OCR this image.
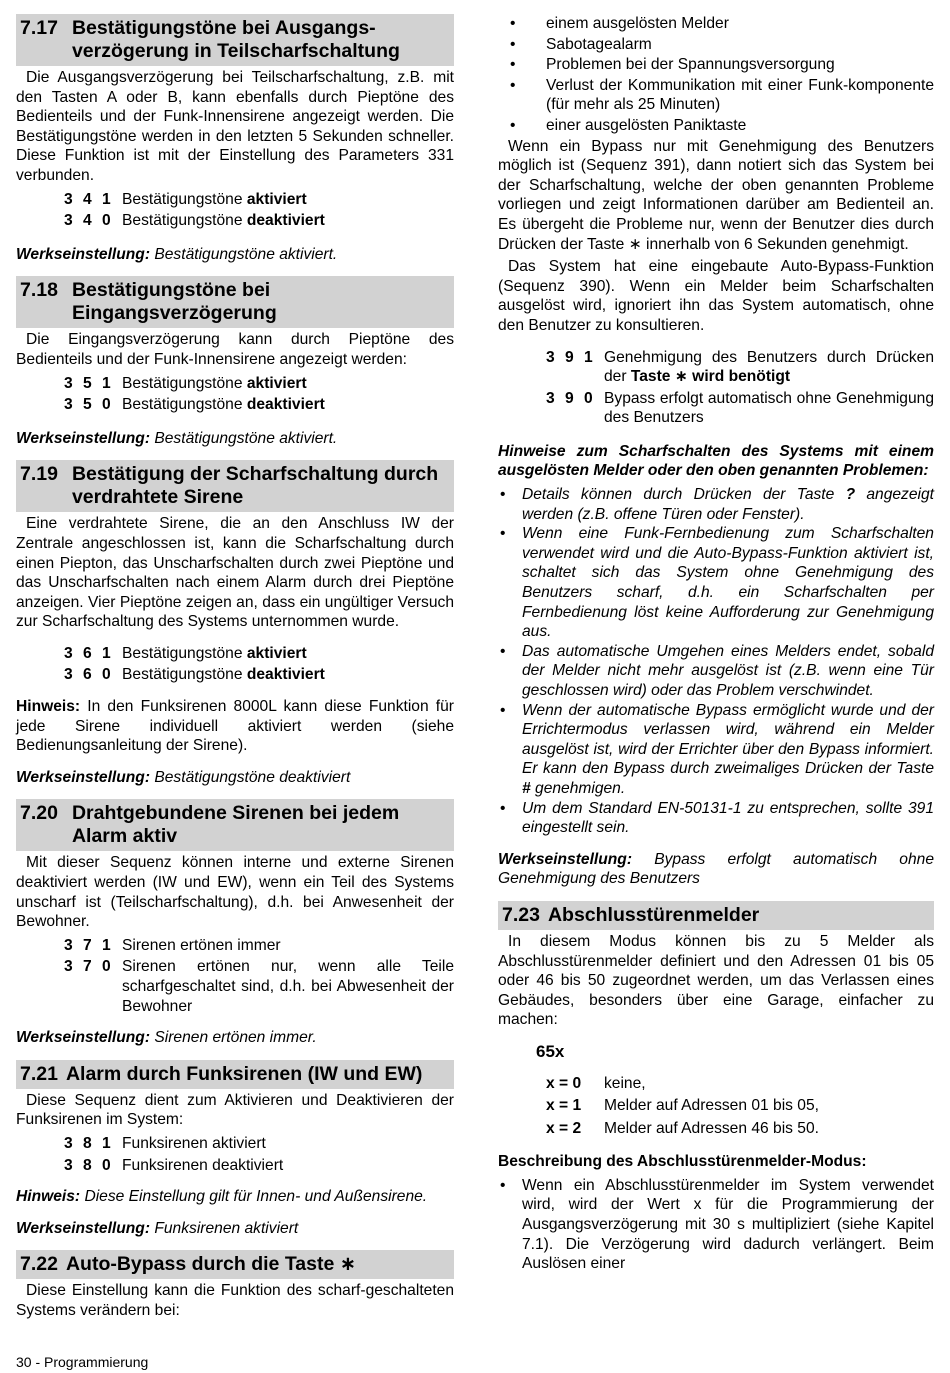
7.17 Bestätigungstöne bei Ausgangs-verzögerung in Teilscharfschaltung

Die Ausgangsverzögerung bei Teilscharfschaltung, z.B. mit den Tasten A oder B, kann ebenfalls durch Pieptöne des Bedienteils und der Funk-Innensirene angezeigt werden. Die Bestätigungstöne werden in den letzten 5 Sekunden schneller. Diese Funktion ist mit der Einstellung des Parameters 331 verbunden.

3 4 1 Bestätigungstöne aktiviert
3 4 0 Bestätigungstöne deaktiviert

Werkseinstellung: Bestätigungstöne aktiviert.

7.18 Bestätigungstöne bei Eingangsverzögerung

Die Eingangsverzögerung kann durch Pieptöne des Bedienteils und der Funk-Innensirene angezeigt werden:

3 5 1 Bestätigungstöne aktiviert
3 5 0 Bestätigungstöne deaktiviert

Werkseinstellung: Bestätigungstöne aktiviert.

7.19 Bestätigung der Scharfschaltung durch verdrahtete Sirene

Eine verdrahtete Sirene, die an den Anschluss IW der Zentrale angeschlossen ist, kann die Scharfschaltung durch einen Piepton, das Unscharfschalten durch zwei Pieptöne und das Unscharfschalten nach einem Alarm durch drei Pieptöne anzeigen. Vier Pieptöne zeigen an, dass ein ungültiger Versuch zur Scharfschaltung des Systems unternommen wurde.

3 6 1 Bestätigungstöne aktiviert
3 6 0 Bestätigungstöne deaktiviert

Hinweis: In den Funksirenen 8000L kann diese Funktion für jede Sirene individuell aktiviert werden (siehe Bedienungsanleitung der Sirene).

Werkseinstellung: Bestätigungstöne deaktiviert

7.20 Drahtgebundene Sirenen bei jedem Alarm aktiv

Mit dieser Sequenz können interne und externe Sirenen deaktiviert werden (IW und EW), wenn ein Teil des Systems unscharf ist (Teilscharfschaltung), d.h. bei Anwesenheit der Bewohner.

3 7 1 Sirenen ertönen immer
3 7 0 Sirenen ertönen nur, wenn alle Teile scharfgeschaltet sind, d.h. bei Abwesenheit der Bewohner

Werkseinstellung: Sirenen ertönen immer.

7.21 Alarm durch Funksirenen (IW und EW)

Diese Sequenz dient zum Aktivieren und Deaktivieren der Funksirenen im System:

3 8 1 Funksirenen aktiviert
3 8 0 Funksirenen deaktiviert

Hinweis: Diese Einstellung gilt für Innen- und Außensirene.

Werkseinstellung: Funksirenen aktiviert

7.22 Auto-Bypass durch die Taste ∗

Diese Einstellung kann die Funktion des scharf-geschalteten Systems verändern bei:

• einem ausgelösten Melder
• Sabotagealarm
• Problemen bei der Spannungsversorgung
• Verlust der Kommunikation mit einer Funk-komponente (für mehr als 25 Minuten)
• einer ausgelösten Paniktaste

Wenn ein Bypass nur mit Genehmigung des Benutzers möglich ist (Sequenz 391), dann notiert sich das System bei der Scharfschaltung, welche der oben genannten Probleme vorliegen und zeigt Informationen darüber am Bedienteil an. Es übergeht die Probleme nur, wenn der Benutzer dies durch Drücken der Taste ∗ innerhalb von 6 Sekunden genehmigt.

Das System hat eine eingebaute Auto-Bypass-Funktion (Sequenz 390). Wenn ein Melder beim Scharfschalten ausgelöst wird, ignoriert ihn das System automatisch, ohne den Benutzer zu konsultieren.

3 9 1 Genehmigung des Benutzers durch Drücken der Taste ∗ wird benötigt
3 9 0 Bypass erfolgt automatisch ohne Genehmigung des Benutzers

Hinweise zum Scharfschalten des Systems mit einem ausgelösten Melder oder den oben genannten Problemen:

• Details können durch Drücken der Taste ? angezeigt werden (z.B. offene Türen oder Fenster).
• Wenn eine Funk-Fernbedienung zum Scharfschalten verwendet wird und die Auto-Bypass-Funktion aktiviert ist, schaltet sich das System ohne Genehmigung des Benutzers scharf, d.h. ein Scharfschalten per Fernbedienung löst keine Aufforderung zur Genehmigung aus.
• Das automatische Umgehen eines Melders endet, sobald der Melder nicht mehr ausgelöst ist (z.B. wenn eine Tür geschlossen wird) oder das Problem verschwindet.
• Wenn der automatische Bypass ermöglicht wurde und der Errichtermodus verlassen wird, während ein Melder ausgelöst ist, wird der Errichter über den Bypass informiert. Er kann den Bypass durch zweimaliges Drücken der Taste # genehmigen.
• Um dem Standard EN-50131-1 zu entsprechen, sollte 391 eingestellt sein.

Werkseinstellung: Bypass erfolgt automatisch ohne Genehmigung des Benutzers

7.23 Abschlusstürenmelder

In diesem Modus können bis zu 5 Melder als Abschlusstürenmelder definiert und den Adressen 01 bis 05 oder 46 bis 50 zugeordnet werden, um das Verlassen eines Gebäudes, besonders über eine Garage, einfacher zu machen:

65x
x = 0	keine,
x = 1	Melder auf Adressen 01 bis 05,
x = 2	Melder auf Adressen 46 bis 50.

Beschreibung des Abschlusstürenmelder-Modus:

• Wenn ein Abschlusstürenmelder im System verwendet wird, wird der Wert x für die Programmierung der Ausgangsverzögerung mit 30 s multipliziert (siehe Kapitel 7.1). Die Verzögerung wird dadurch verlängert. Beim Auslösen einer
30 - Programmierung
